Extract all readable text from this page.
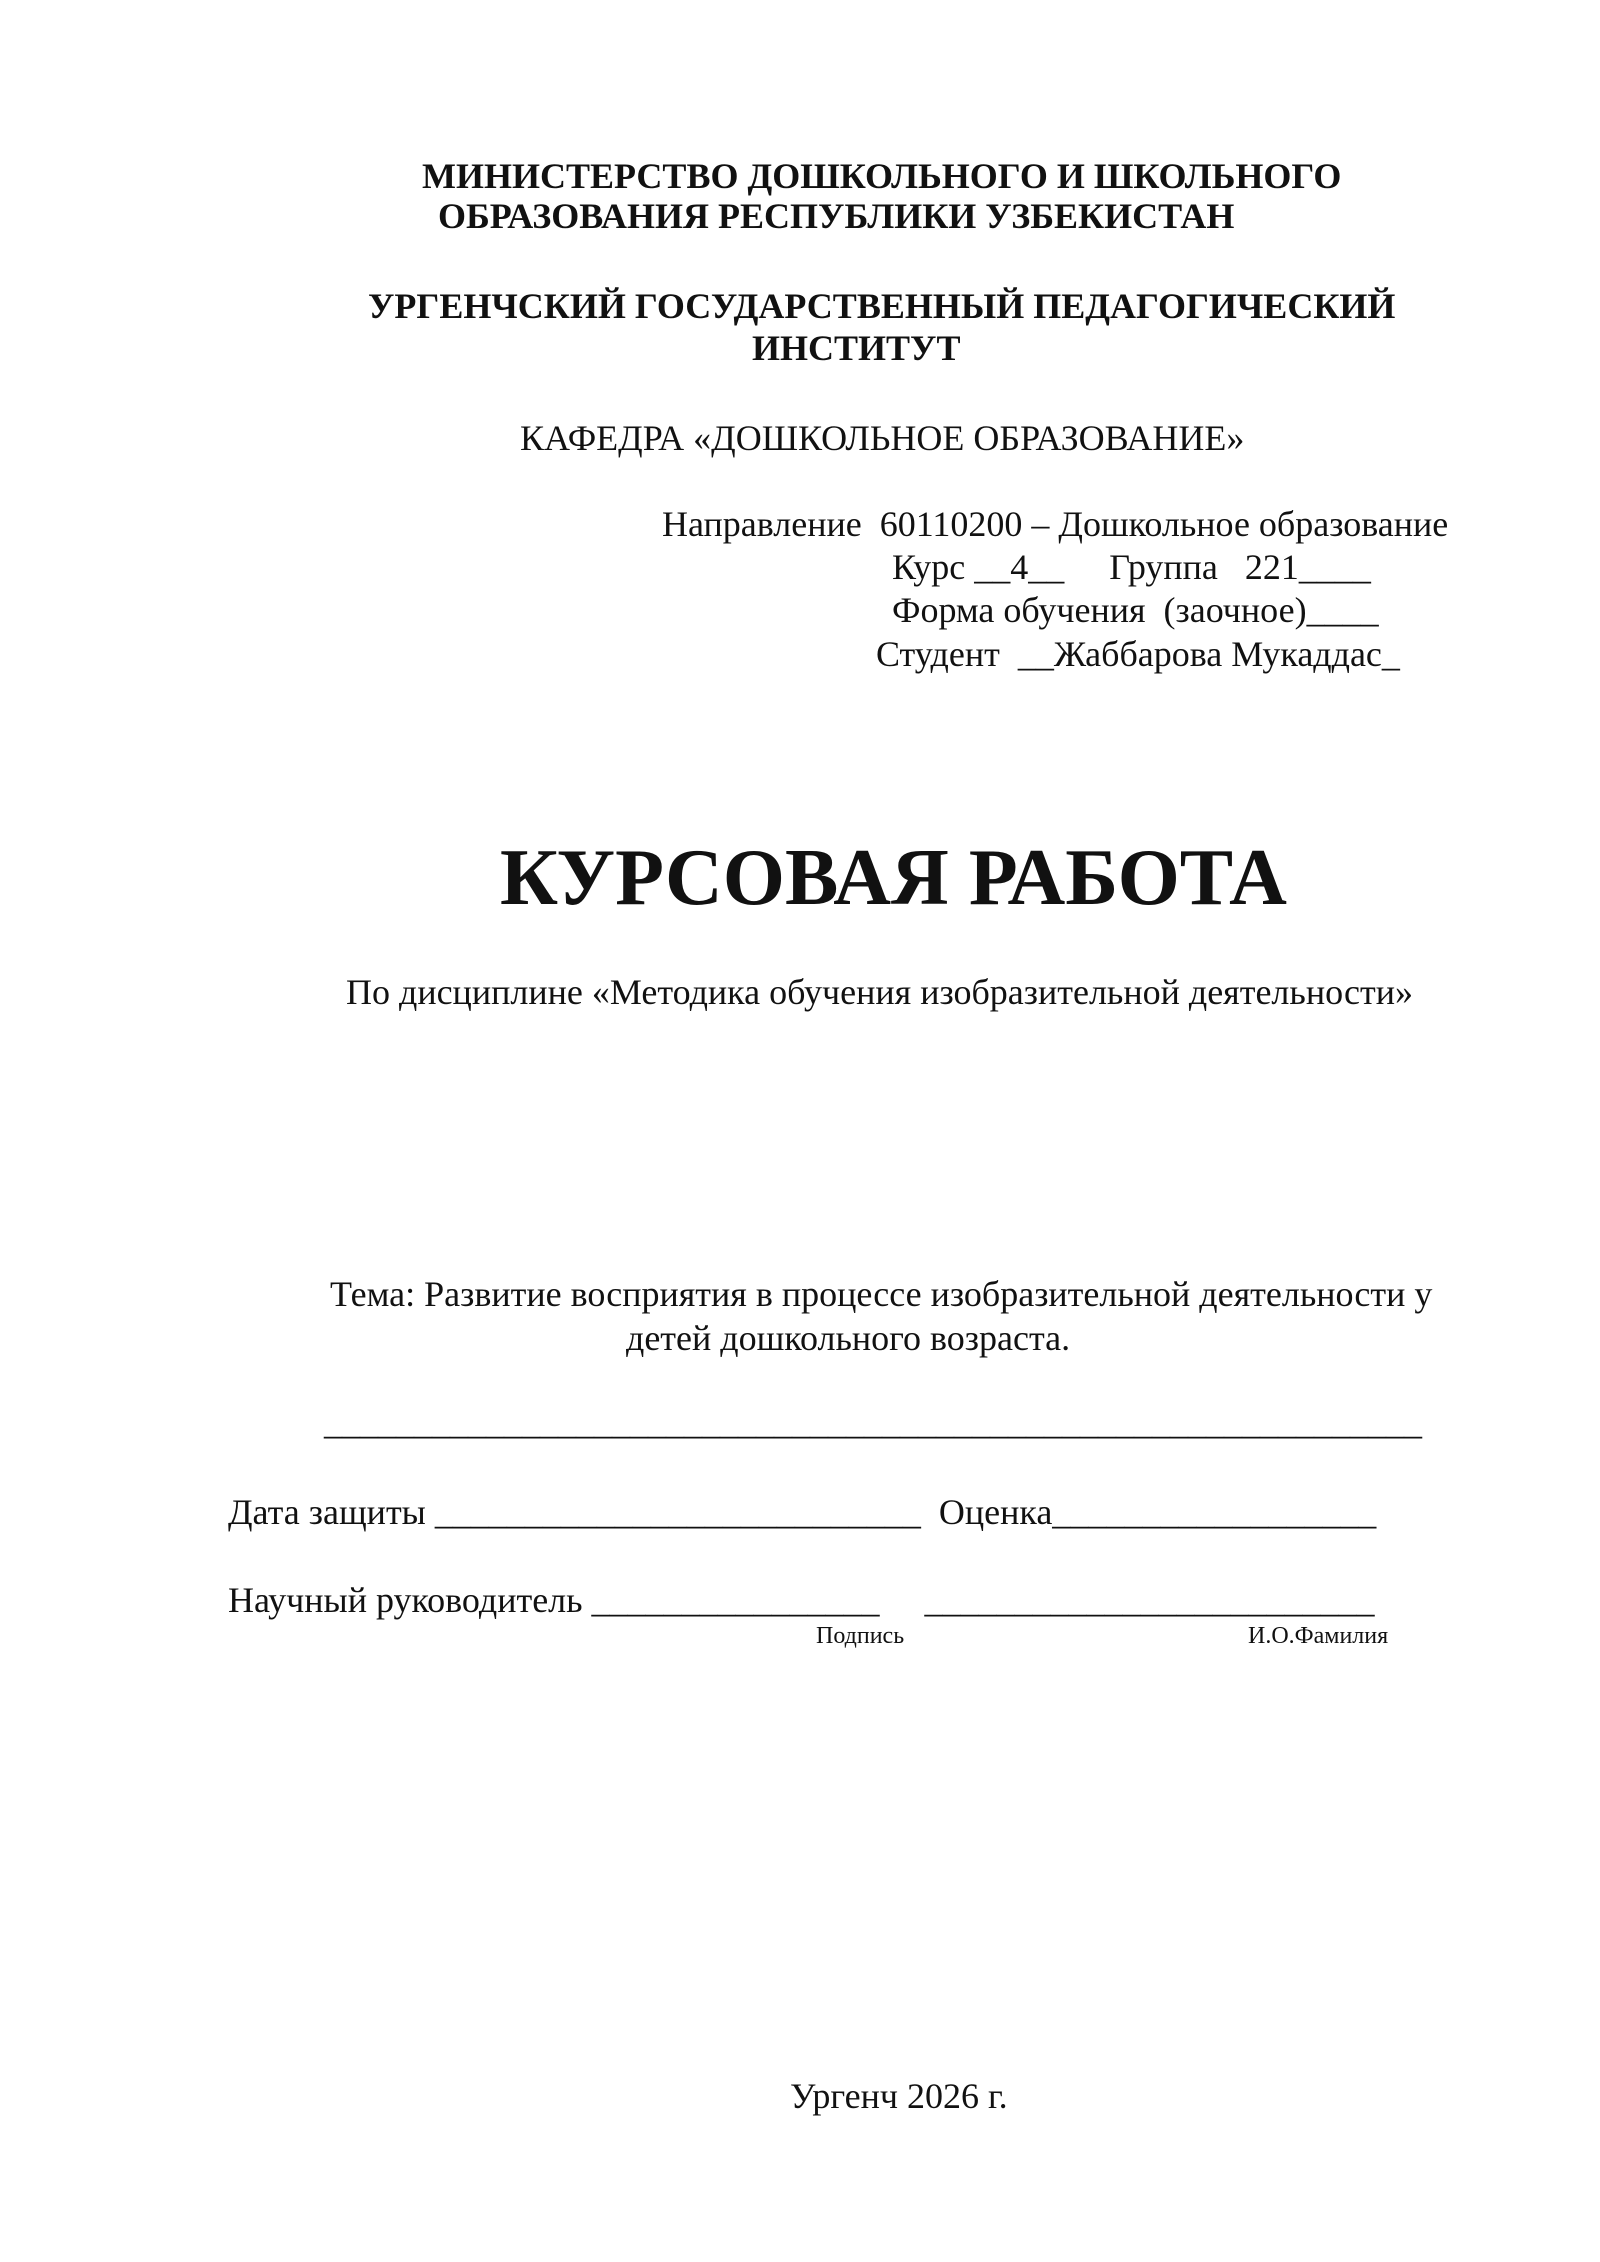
МИНИСТЕРСТВО ДОШКОЛЬНОГО И ШКОЛЬНОГО
ОБРАЗОВАНИЯ РЕСПУБЛИКИ УЗБЕКИСТАН
УРГЕНЧСКИЙ ГОСУДАРСТВЕННЫЙ ПЕДАГОГИЧЕСКИЙ
ИНСТИТУТ
КАФЕДРА «ДОШКОЛЬНОЕ ОБРАЗОВАНИЕ»
Направление  60110200 – Дошкольное образование
Курс __4__     Группа   221____
Форма обучения  (заочное)____
Студент  __Жаббарова Мукаддас_
КУРСОВАЯ РАБОТА
По дисциплине «Методика обучения изобразительной деятельности»
Тема: Развитие восприятия в процессе изобразительной деятельности у
детей дошкольного возраста.
_____________________________________________________________
Дата защиты ___________________________  Оценка__________________
Научный руководитель ________________     _________________________
Подпись	И.О.Фамилия
Ургенч 2026 г.
